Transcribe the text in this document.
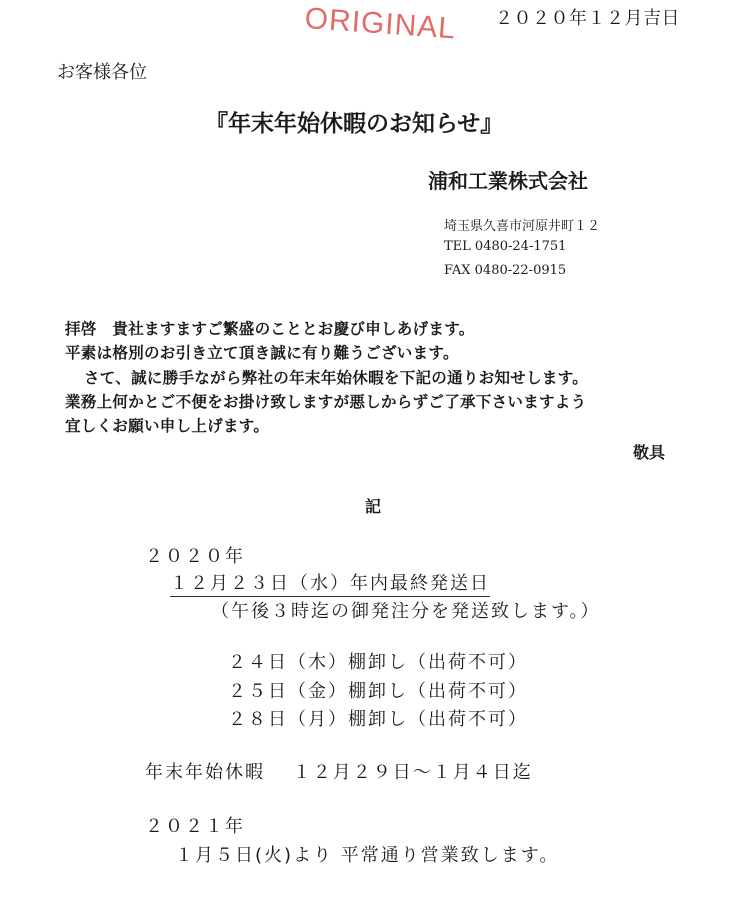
ORIGINAL ２０２０年１２月吉日
お客様各位
『年末年始休暇のお知らせ』
浦和工業株式会社
埼玉県久喜市河原井町１２
TEL 0480-24-1751
FAX 0480-22-0915
拝啓　貴社ますますご繁盛のこととお慶び申しあげます。
平素は格別のお引き立て頂き誠に有り難うございます。
さて、誠に勝手ながら弊社の年末年始休暇を下記の通りお知せします。
業務上何かとご不便をお掛け致しますが悪しからずご了承下さいますよう
宜しくお願い申し上げます。
敬具
記
２０２０年
１２月２３日（水）年内最終発送日
（午後３時迄の御発注分を発送致します。）
２４日（木）棚卸し（出荷不可）
２５日（金）棚卸し（出荷不可）
２８日（月）棚卸し（出荷不可）
年末年始休暇　 １２月２９日～１月４日迄
２０２１年
１月５日(火)より 平常通り営業致します。
